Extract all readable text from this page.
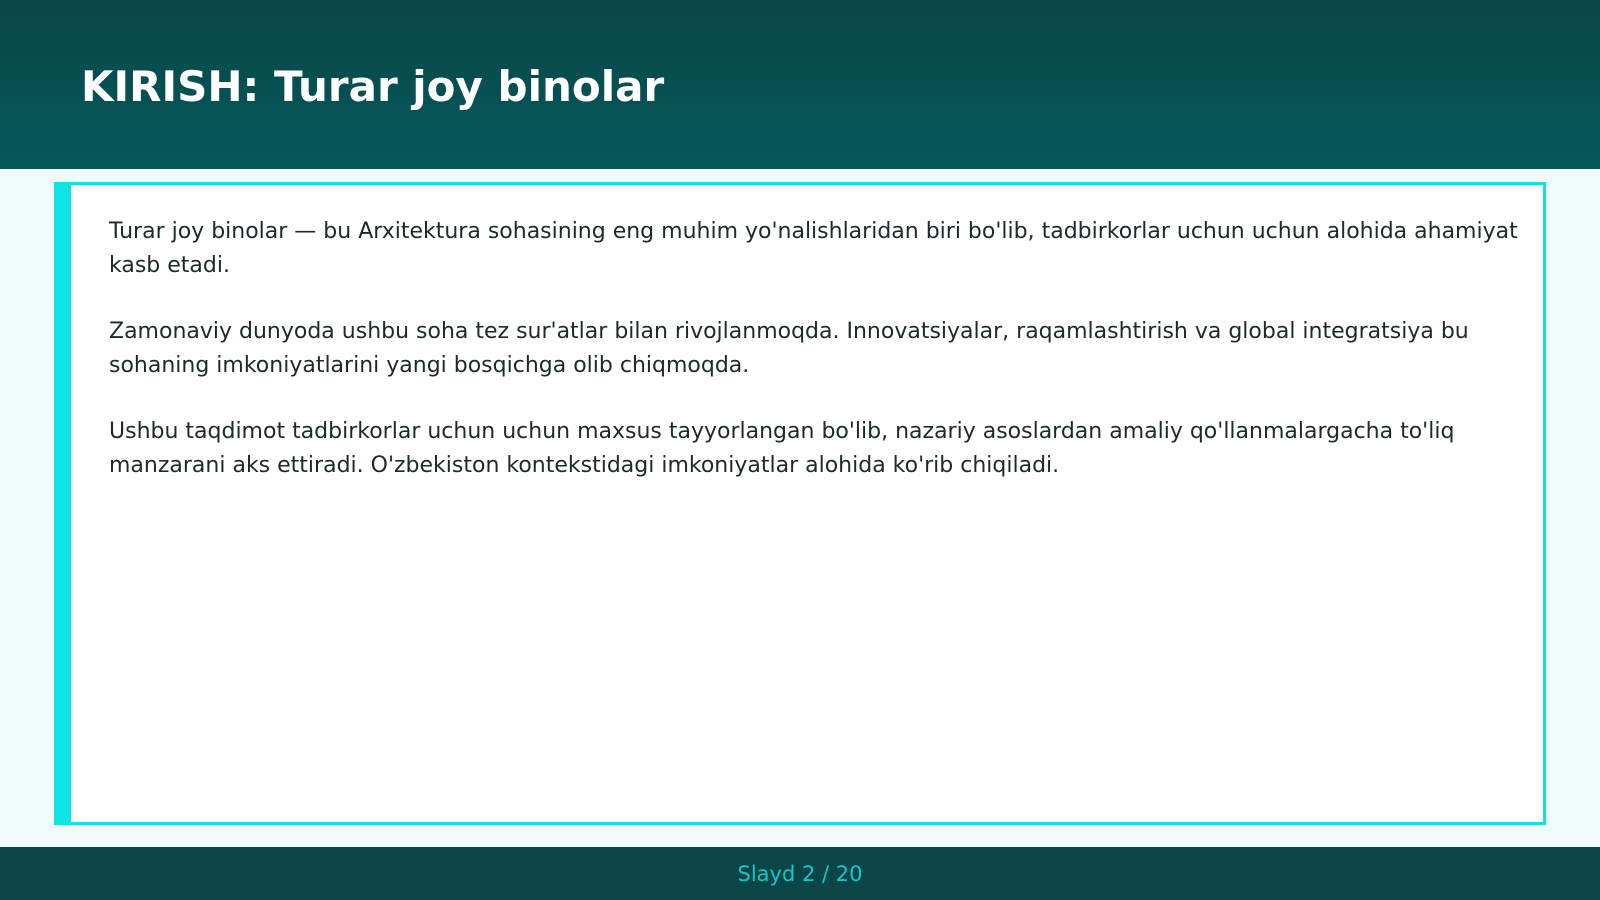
KIRISH: Turar joy binolar

Turar joy binolar — bu Arxitektura sohasining eng muhim yo'nalishlaridan biri bo'lib, tadbirkorlar uchun uchun alohida ahamiyat kasb etadi.

Zamonaviy dunyoda ushbu soha tez sur'atlar bilan rivojlanmoqda. Innovatsiyalar, raqamlashtirish va global integratsiya bu sohaning imkoniyatlarini yangi bosqichga olib chiqmoqda.

Ushbu taqdimot tadbirkorlar uchun uchun maxsus tayyorlangan bo'lib, nazariy asoslardan amaliy qo'llanmalargacha to'liq manzarani aks ettiradi. O'zbekiston kontekstidagi imkoniyatlar alohida ko'rib chiqiladi.

Slayd 2 / 20
